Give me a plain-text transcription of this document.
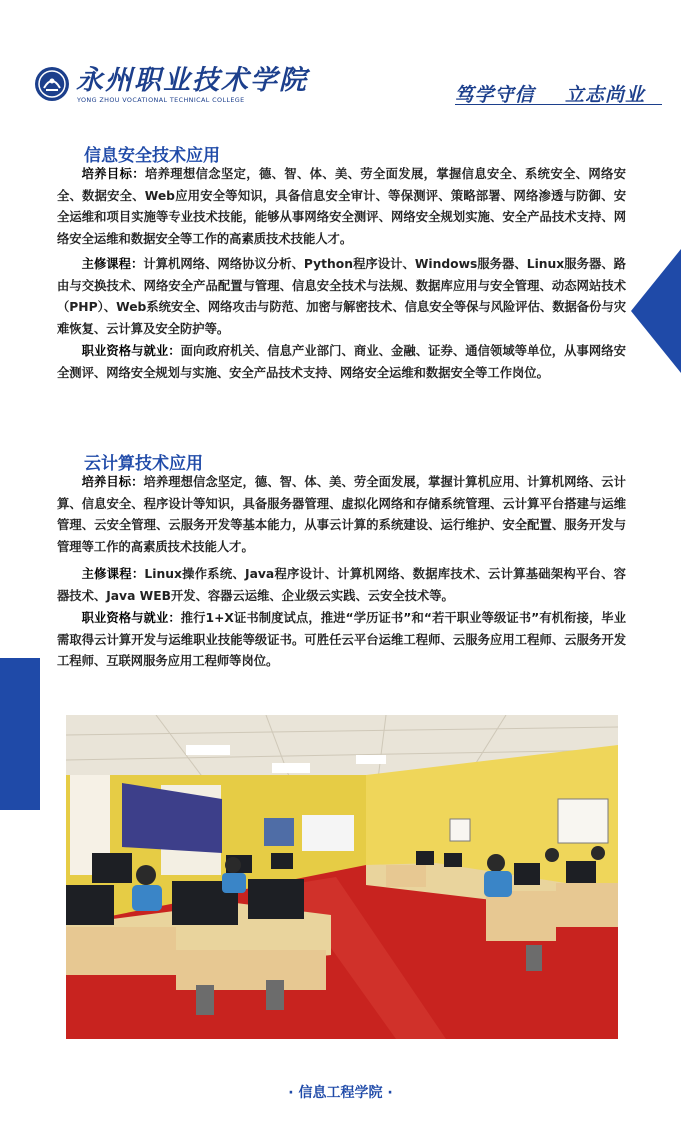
永州职业技术学院
YONG ZHOU VOCATIONAL TECHNICAL COLLEGE	笃学守信    立志尚业
信息安全技术应用

培养目标：培养理想信念坚定，德、智、体、美、劳全面发展，掌握信息安全、系统安全、网络安全、数据安全、Web应用安全等知识，具备信息安全审计、等保测评、策略部署、网络渗透与防御、安全运维和项目实施等专业技术技能，能够从事网络安全测评、网络安全规划实施、安全产品技术支持、网络安全运维和数据安全等工作的高素质技术技能人才。

主修课程：计算机网络、网络协议分析、Python程序设计、Windows服务器、Linux服务器、路由与交换技术、网络安全产品配置与管理、信息安全技术与法规、数据库应用与安全管理、动态网站技术（PHP）、Web系统安全、网络攻击与防范、加密与解密技术、信息安全等保与风险评估、数据备份与灾难恢复、云计算及安全防护等。

职业资格与就业：面向政府机关、信息产业部门、商业、金融、证券、通信领域等单位，从事网络安全测评、网络安全规划与实施、安全产品技术支持、网络安全运维和数据安全等工作岗位。

云计算技术应用

培养目标：培养理想信念坚定，德、智、体、美、劳全面发展，掌握计算机应用、计算机网络、云计算、信息安全、程序设计等知识，具备服务器管理、虚拟化网络和存储系统管理、云计算平台搭建与运维管理、云安全管理、云服务开发等基本能力，从事云计算的系统建设、运行维护、安全配置、服务开发与管理等工作的高素质技术技能人才。

主修课程：Linux操作系统、Java程序设计、计算机网络、数据库技术、云计算基础架构平台、容器技术、Java WEB开发、容器云运维、企业级云实践、云安全技术等。

职业资格与就业：推行1+X证书制度试点，推进“学历证书”和“若干职业等级证书”有机衔接，毕业需取得云计算开发与运维职业技能等级证书。可胜任云平台运维工程师、云服务应用工程师、云服务开发工程师、互联网服务应用工程师等岗位。

· 信息工程学院 ·
